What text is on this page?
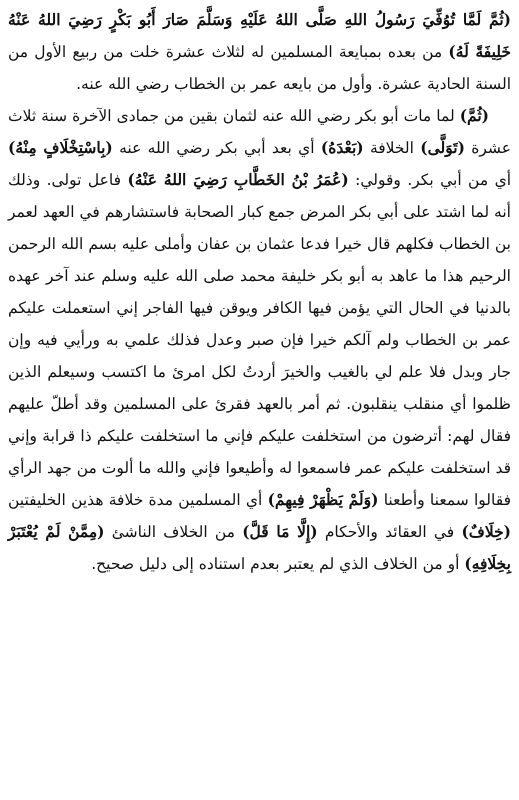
(ثُمَّ لَمَّا تُوُفِّيَ رَسُولُ اللهِ صَلَّى اللهُ عَلَيْهِ وَسَلَّمَ صَارَ أَبُو بَكْرٍ رَضِيَ اللهُ عَنْهُ خَلِيفَةً لَهُ) من بعده بمبايعة المسلمين له لثلاث عشرة خلت من ربيع الأول من السنة الحادية عشرة. وأول من بايعه عمر بن الخطاب رضي الله عنه.

(ثُمَّ) لما مات أبو بكر رضي الله عنه لثمان بقين من جمادى الآخرة سنة ثلاث عشرة (تَوَلَّى) الخلافة (بَعْدَهُ) أي بعد أبي بكر رضي الله عنه (بِاسْتِخْلَافٍ مِنْهُ) أي من أبي بكر. وقولي: (عُمَرُ بْنُ الخَطَّابِ رَضِيَ اللهُ عَنْهُ) فاعل تولى. وذلك أنه لما اشتد على أبي بكر المرض جمع كبار الصحابة فاستشارهم في العهد لعمر بن الخطاب فكلهم قال خيرا فدعا عثمان بن عفان وأملى عليه بسم الله الرحمن الرحيم هذا ما عاهد به أبو بكر خليفة محمد صلى الله عليه وسلم عند آخر عهده بالدنيا في الحال التي يؤمن فيها الكافر ويوقن فيها الفاجر إني استعملت عليكم عمر بن الخطاب ولم آلكم خيرا فإن صبر وعدل فذلك علمي به ورأيي فيه وإن جار وبدل فلا علم لي بالغيب والخيرَ أردتُ لكل امرئ ما اكتسب وسيعلم الذين ظلموا أي منقلب ينقلبون. ثم أمر بالعهد فقرئ على المسلمين وقد أطلّ عليهم فقال لهم: أترضون من استخلفت عليكم فإني ما استخلفت عليكم ذا قرابة وإني قد استخلفت عليكم عمر فاسمعوا له وأطيعوا فإني والله ما ألوت من جهد الرأي فقالوا سمعنا وأطعنا (وَلَمْ يَظْهَرْ فِيهِمْ) أي المسلمين مدة خلافة هذين الخليفتين (خِلَافٌ) في العقائد والأحكام (إِلَّا مَا قَلَّ) من الخلاف الناشئ (مِمَّنْ لَمْ يُعْتَبَرْ بِخِلَافِهِ) أو من الخلاف الذي لم يعتبر بعدم استناده إلى دليل صحيح.
